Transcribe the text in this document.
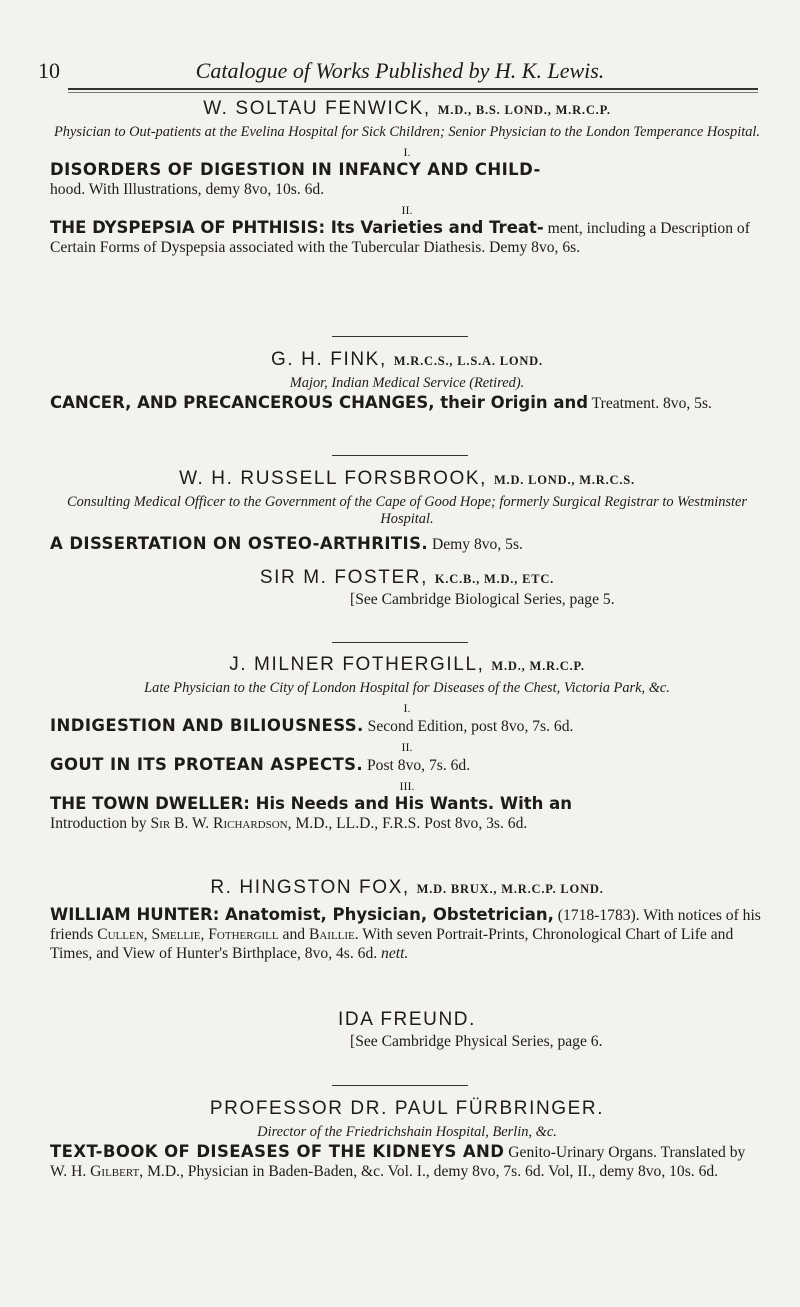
10	Catalogue of Works Published by H. K. Lewis.

W. SOLTAU FENWICK, M.D., B.S. LOND., M.R.C.P.

Physician to Out-patients at the Evelina Hospital for Sick Children; Senior Physician to the London Temperance Hospital.

I.

DISORDERS OF DIGESTION IN INFANCY AND CHILD-
hood. With Illustrations, demy 8vo, 10s. 6d.

II.

THE DYSPEPSIA OF PHTHISIS: Its Varieties and Treat- ment, including a Description of Certain Forms of Dyspepsia associated with the Tubercular Diathesis. Demy 8vo, 6s.

G. H. FINK, M.R.C.S., L.S.A. LOND.

Major, Indian Medical Service (Retired).

CANCER, AND PRECANCEROUS CHANGES, their Origin and Treatment. 8vo, 5s.

W. H. RUSSELL FORSBROOK, M.D. LOND., M.R.C.S.

Consulting Medical Officer to the Government of the Cape of Good Hope; formerly Surgical Registrar to Westminster Hospital.

A DISSERTATION ON OSTEO-ARTHRITIS. Demy 8vo, 5s.

SIR M. FOSTER, K.C.B., M.D., ETC.

[See Cambridge Biological Series, page 5.

J. MILNER FOTHERGILL, M.D., M.R.C.P.

Late Physician to the City of London Hospital for Diseases of the Chest, Victoria Park, &c.

I.

INDIGESTION AND BILIOUSNESS. Second Edition, post 8vo, 7s. 6d.

II.

GOUT IN ITS PROTEAN ASPECTS. Post 8vo, 7s. 6d.

III.

THE TOWN DWELLER: His Needs and His Wants. With an
Introduction by Sir B. W. Richardson, M.D., LL.D., F.R.S. Post 8vo, 3s. 6d.

R. HINGSTON FOX, M.D. BRUX., M.R.C.P. LOND.

WILLIAM HUNTER: Anatomist, Physician, Obstetrician, (1718-1783). With notices of his friends Cullen, Smellie, Fothergill and Baillie. With seven Portrait-Prints, Chronological Chart of Life and Times, and View of Hunter's Birthplace, 8vo, 4s. 6d. nett.

IDA FREUND.

[See Cambridge Physical Series, page 6.

PROFESSOR DR. PAUL FÜRBRINGER.

Director of the Friedrichshain Hospital, Berlin, &c.

TEXT-BOOK OF DISEASES OF THE KIDNEYS AND Genito-Urinary Organs. Translated by W. H. Gilbert, M.D., Physician in Baden-Baden, &c. Vol. I., demy 8vo, 7s. 6d. Vol, II., demy 8vo, 10s. 6d.
